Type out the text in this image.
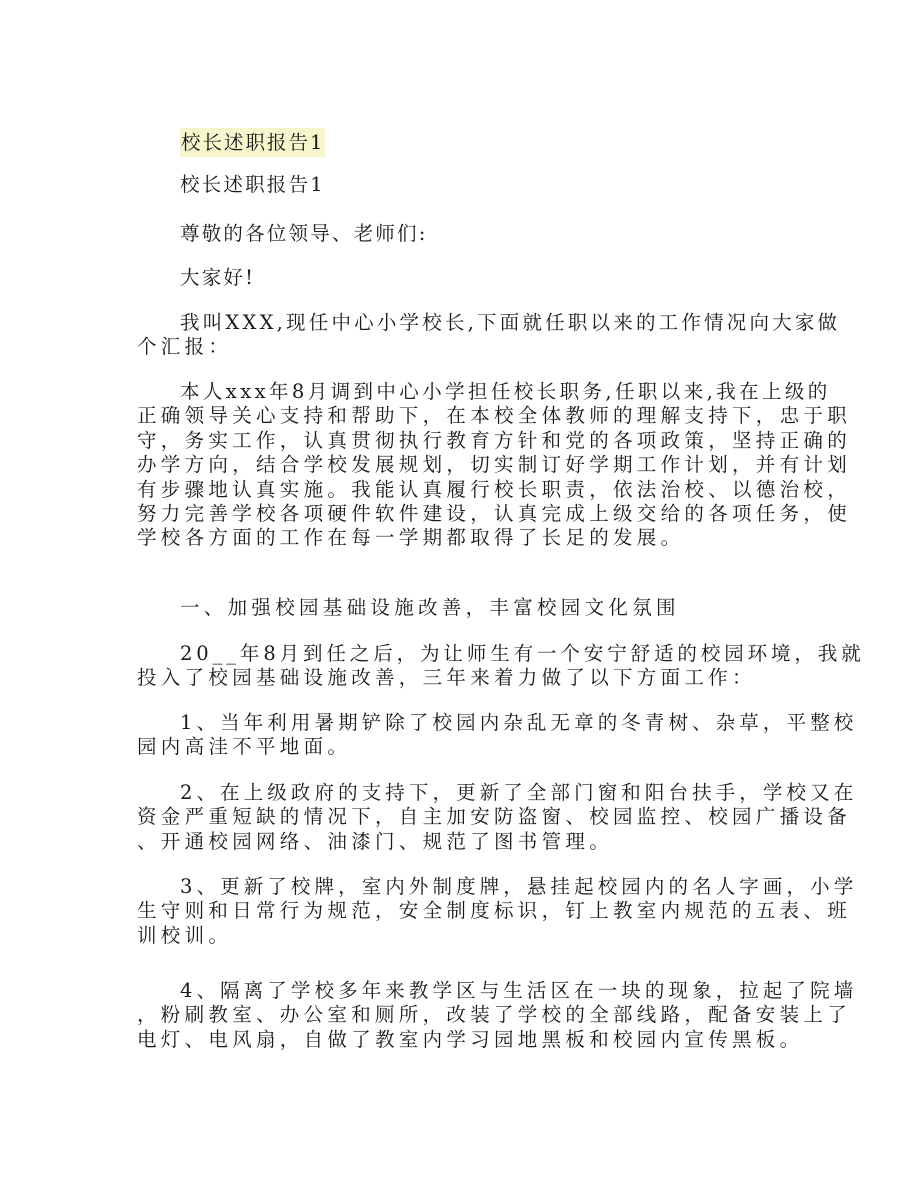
校长述职报告1
校长述职报告1
尊敬的各位领导、老师们:
大家好!
我叫XXX,现任中心小学校长,下面就任职以来的工作情况向大家做
个汇报：
本人xxx年8月调到中心小学担任校长职务,任职以来,我在上级的
正确领导关心支持和帮助下，在本校全体教师的理解支持下，忠于职
守，务实工作，认真贯彻执行教育方针和党的各项政策，坚持正确的
办学方向，结合学校发展规划，切实制订好学期工作计划，并有计划
有步骤地认真实施。我能认真履行校长职责，依法治校、以德治校，
努力完善学校各项硬件软件建设，认真完成上级交给的各项任务，使
学校各方面的工作在每一学期都取得了长足的发展。
一、加强校园基础设施改善，丰富校园文化氛围
20__年8月到任之后，为让师生有一个安宁舒适的校园环境，我就
投入了校园基础设施改善，三年来着力做了以下方面工作：
1、当年利用暑期铲除了校园内杂乱无章的冬青树、杂草，平整校
园内高洼不平地面。
2、在上级政府的支持下，更新了全部门窗和阳台扶手，学校又在
资金严重短缺的情况下，自主加安防盗窗、校园监控、校园广播设备
、开通校园网络、油漆门、规范了图书管理。
3、更新了校牌，室内外制度牌，悬挂起校园内的名人字画，小学
生守则和日常行为规范，安全制度标识，钉上教室内规范的五表、班
训校训。
4、隔离了学校多年来教学区与生活区在一块的现象，拉起了院墙
，粉刷教室、办公室和厕所，改装了学校的全部线路，配备安装上了
电灯、电风扇，自做了教室内学习园地黑板和校园内宣传黑板。
